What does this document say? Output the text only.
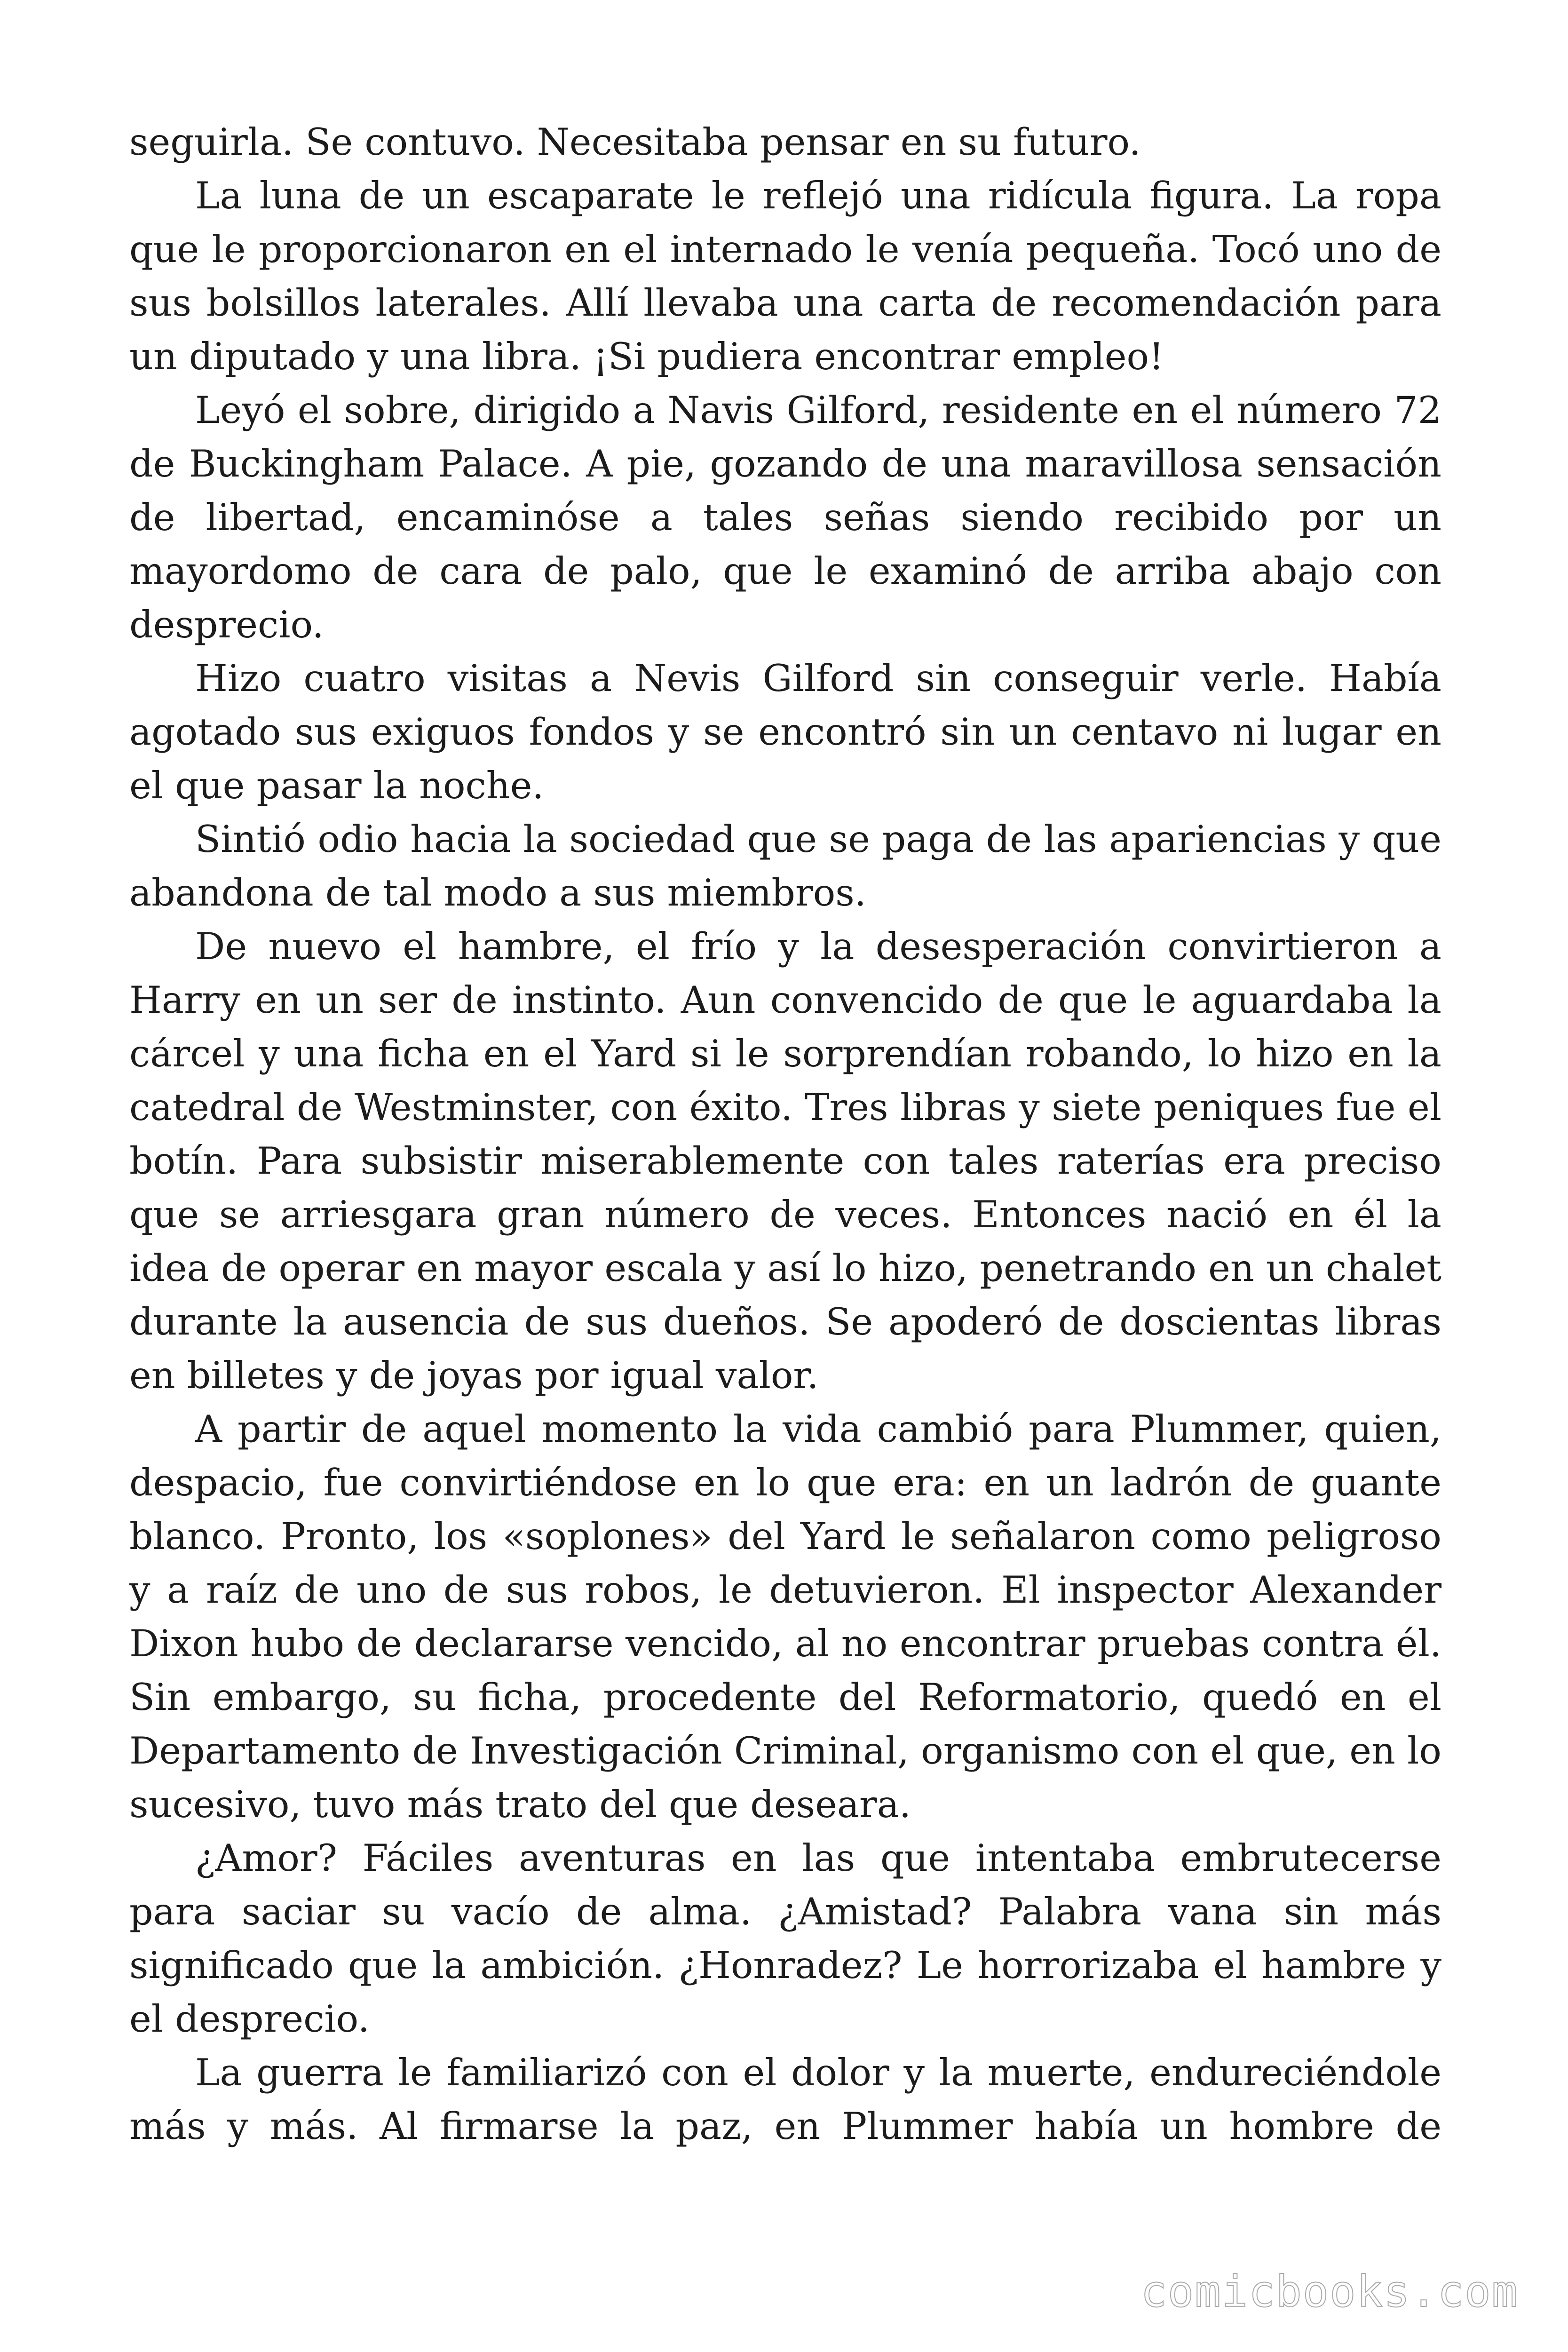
seguirla. Se contuvo. Necesitaba pensar en su futuro.

La luna de un escaparate le reflejó una ridícula figura. La ropa que le proporcionaron en el internado le venía pequeña. Tocó uno de sus bolsillos laterales. Allí llevaba una carta de recomendación para un diputado y una libra. ¡Si pudiera encontrar empleo!

Leyó el sobre, dirigido a Navis Gilford, residente en el número 72 de Buckingham Palace. A pie, gozando de una maravillosa sensación de libertad, encaminóse a tales señas siendo recibido por un mayordomo de cara de palo, que le examinó de arriba abajo con desprecio.

Hizo cuatro visitas a Nevis Gilford sin conseguir verle. Había agotado sus exiguos fondos y se encontró sin un centavo ni lugar en el que pasar la noche.

Sintió odio hacia la sociedad que se paga de las apariencias y que abandona de tal modo a sus miembros.

De nuevo el hambre, el frío y la desesperación convirtieron a Harry en un ser de instinto. Aun convencido de que le aguardaba la cárcel y una ficha en el Yard si le sorprendían robando, lo hizo en la catedral de Westminster, con éxito. Tres libras y siete peniques fue el botín. Para subsistir miserablemente con tales raterías era preciso que se arriesgara gran número de veces. Entonces nació en él la idea de operar en mayor escala y así lo hizo, penetrando en un chalet durante la ausencia de sus dueños. Se apoderó de doscientas libras en billetes y de joyas por igual valor.

A partir de aquel momento la vida cambió para Plummer, quien, despacio, fue convirtiéndose en lo que era: en un ladrón de guante blanco. Pronto, los «soplones» del Yard le señalaron como peligroso y a raíz de uno de sus robos, le detuvieron. El inspector Alexander Dixon hubo de declararse vencido, al no encontrar pruebas contra él. Sin embargo, su ficha, procedente del Reformatorio, quedó en el Departamento de Investigación Criminal, organismo con el que, en lo sucesivo, tuvo más trato del que deseara.

¿Amor? Fáciles aventuras en las que intentaba embrutecerse para saciar su vacío de alma. ¿Amistad? Palabra vana sin más significado que la ambición. ¿Honradez? Le horrorizaba el hambre y el desprecio.

La guerra le familiarizó con el dolor y la muerte, endureciéndole más y más. Al firmarse la paz, en Plummer había un hombre de

comicbooks.com
